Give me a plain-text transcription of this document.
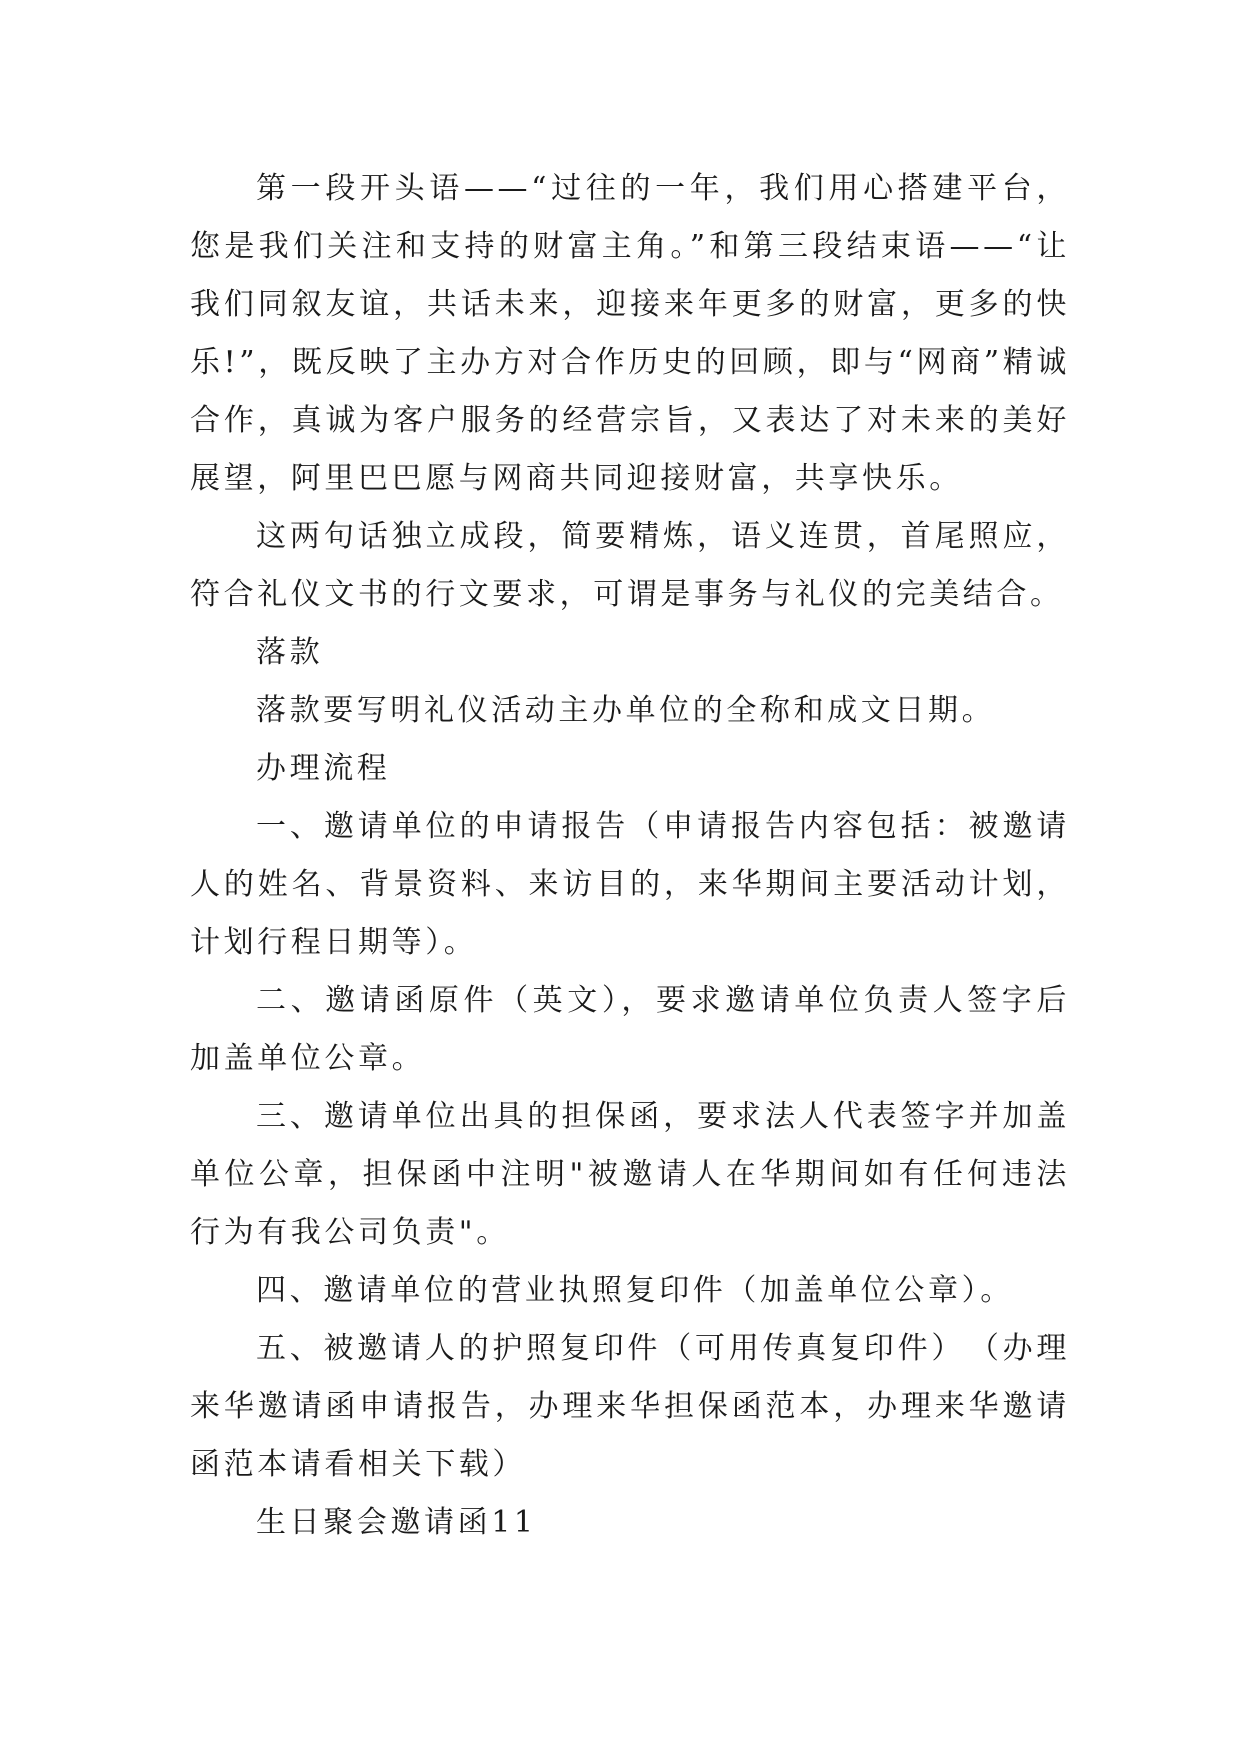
第一段开头语——“过往的一年，我们用心搭建平台，您是我们关注和支持的财富主角。”和第三段结束语——“让我们同叙友谊，共话未来，迎接来年更多的财富，更多的快乐!”，既反映了主办方对合作历史的回顾，即与“网商”精诚合作，真诚为客户服务的经营宗旨，又表达了对未来的美好展望，阿里巴巴愿与网商共同迎接财富，共享快乐。

这两句话独立成段，简要精炼，语义连贯，首尾照应，符合礼仪文书的行文要求，可谓是事务与礼仪的完美结合。

落款

落款要写明礼仪活动主办单位的全称和成文日期。

办理流程

一、邀请单位的申请报告（申请报告内容包括：被邀请人的姓名、背景资料、来访目的，来华期间主要活动计划，计划行程日期等）。

二、邀请函原件（英文），要求邀请单位负责人签字后加盖单位公章。

三、邀请单位出具的担保函，要求法人代表签字并加盖单位公章，担保函中注明"被邀请人在华期间如有任何违法行为有我公司负责"。

四、邀请单位的营业执照复印件（加盖单位公章）。

五、被邀请人的护照复印件（可用传真复印件）　（办理来华邀请函申请报告，办理来华担保函范本，办理来华邀请函范本请看相关下载）

生日聚会邀请函11
